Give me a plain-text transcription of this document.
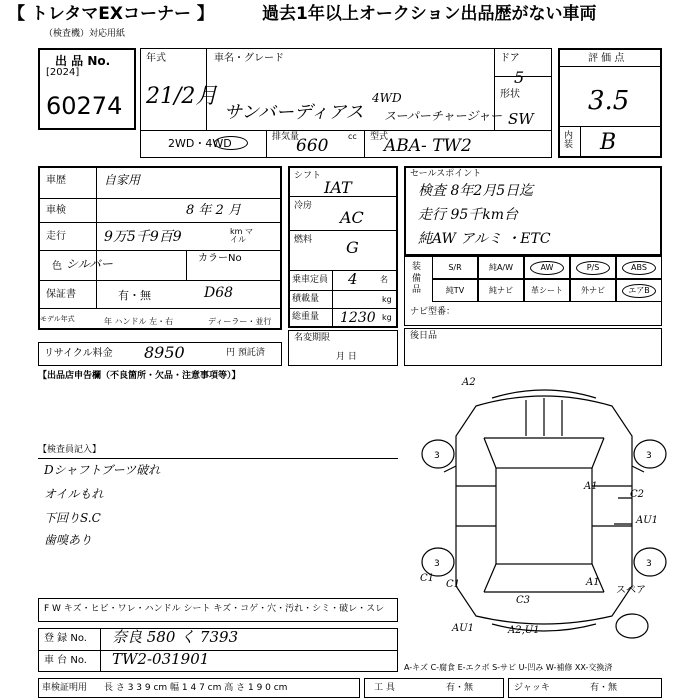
【 トレタマEXコーナー 】	過去1年以上オークション出品歴がない車両
（検査機）対応用紙
出 品 No.
[2024]
60274
年式
21/2月
車名・グレード
4WD
サンバーディアス スーパーチャージャー
ドア
5
形状
SW
2WD・4WD	排気量
660 cc 型式
ABA- TW2
評 価 点
3.5
内 装 B
車歴	自家用
車検	8 年 2 月
走行	9万5千9百9	km マイル
色 シルバー	カラーNo
保証書	有・無	D68
モデル年式	年 ハンドル 左・右	ディーラー・並行
リサイクル料金 8950	円 預託済
シフト
IAT
冷房
AC
燃料 G
乗車定員 4	名
積載量	kg
総重量 1230 kg
名変期限
月 日
セールスポイント
検査 8年2月5日迄
走行 95千km台
純AW アルミ ・ETC
装備品
S/R	純A/W	AW	P/S	ABS
純TV	純ナビ	革シート	外ナビ	エアB
ナビ型番：
後日品
【出品店申告欄（不良箇所・欠品・注意事項等）】
【検査員記入】
Dシャフトブーツ破れ
オイルもれ
下回りS.C
歯嗅あり
3	3
3	3
A2
A1
C2
AU1
C1
C3
A1
A2,U1
AU1
C1
スペア
F W キズ・ヒビ・ワレ・ハンドル シート キズ・コゲ・穴・汚れ・シミ・破レ・スレ
登 録 No. 奈良 580 く 7393
車 台 No. TW2-031901	A-キズ C-腐食 E-エクボ S-サビ U-凹み W-補修 XX-交換済
車検証明用 長 さ 3 3 9 cm 幅 1 4 7 cm 高 さ 1 9 0 cm	工 具	有・無	ジャッキ	有・無
